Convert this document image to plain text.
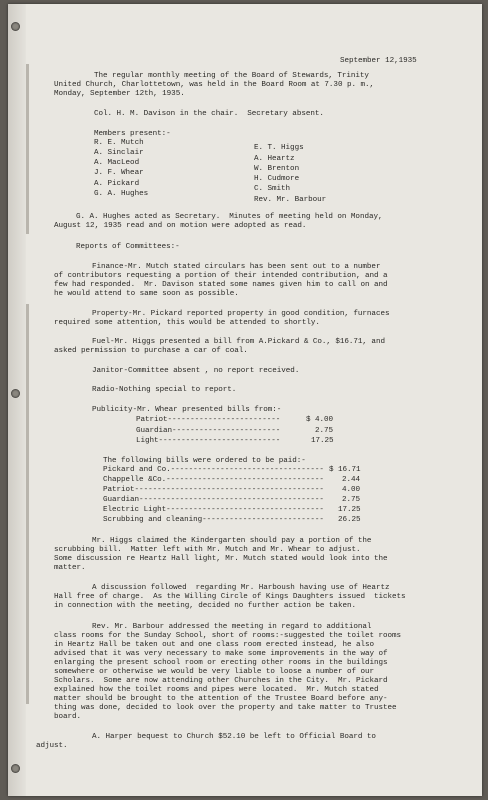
September 12,1935
The regular monthly meeting of the Board of Stewards, Trinity
United Church, Charlottetown, was held in the Board Room at 7.30 p. m.,
Monday, September 12th, 1935.
Col. H. M. Davison in the chair.  Secretary absent.
Members present:-
R. E. Mutch
A. Sinclair
A. MacLeod
J. F. Whear
A. Pickard
G. A. Hughes
E. T. Higgs
A. Heartz
W. Brenton
H. Cudmore
C. Smith
Rev. Mr. Barbour
G. A. Hughes acted as Secretary.  Minutes of meeting held on Monday,
August 12, 1935 read and on motion were adopted as read.
Reports of Committees:-
Finance-Mr. Mutch stated circulars has been sent out to a number
of contributors requesting a portion of their intended contribution, and a
few had responded.  Mr. Davison stated some names given him to call on and
he would attend to same soon as possible.
Property-Mr. Pickard reported property in good condition, furnaces
required some attention, this would be attended to shortly.
Fuel-Mr. Higgs presented a bill from A.Pickard & Co., $16.71, and
asked permission to purchase a car of coal.
Janitor-Committee absent , no report received.
Radio-Nothing special to report.
Publicity-Mr. Whear presented bills from:-
Patriot-------------------------	$ 4.00
Guardian------------------------	2.75
Light---------------------------	17.25
The following bills were ordered to be paid:-
Pickard and Co.---------------------------------- $ 16.71
Chappelle &Co.----------------------------------- 2.44
Patriot------------------------------------------ 4.00
Guardian----------------------------------------- 2.75
Electric Light----------------------------------- 17.25
Scrubbing and cleaning--------------------------- 26.25
Mr. Higgs claimed the Kindergarten should pay a portion of the
scrubbing bill.  Matter left with Mr. Mutch and Mr. Whear to adjust.
Some discussion re Heartz Hall light, Mr. Mutch stated would look into the
matter.
A discussion followed  regarding Mr. Harboush having use of Heartz
Hall free of charge.  As the Willing Circle of Kings Daughters issued  tickets
in connection with the meeting, decided no further action be taken.
Rev. Mr. Barbour addressed the meeting in regard to additional
class rooms for the Sunday School, short of rooms:-suggested the toilet rooms
in Heartz Hall be taken out and one class room erected instead, he also
advised that it was very necessary to make some improvements in the way of
enlarging the present school room or erecting other rooms in the buildings
somewhere or otherwise we would be very liable to loose a number of our
Scholars.  Some are now attending other Churches in the City.  Mr. Pickard
explained how the toilet rooms and pipes were located.  Mr. Mutch stated
matter should be brought to the attention of the Trustee Board before any-
thing was done, decided to look over the property and take matter to Trustee
board.
A. Harper bequest to Church $52.10 be left to Official Board to
adjust.
